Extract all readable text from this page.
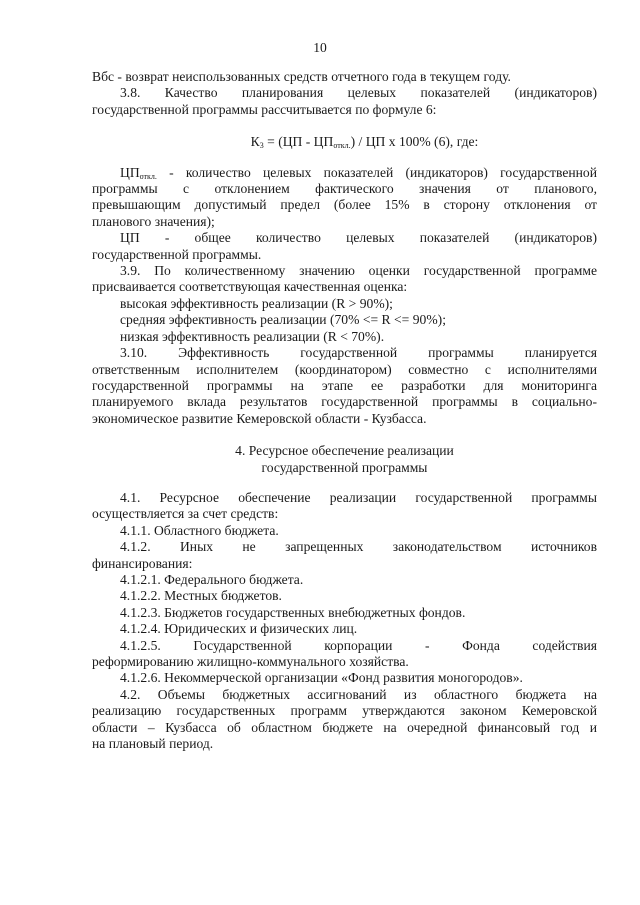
10

Вбс - возврат неиспользованных средств отчетного года в текущем году.

3.8. Качество планирования целевых показателей (индикаторов)

государственной программы рассчитывается по формуле 6:

$К_3 = (ЦП - ЦП_{откл.})$ / ЦП х 100% (6), где:

$ЦП_{откл.}$ - количество целевых показателей (индикаторов) государственной

программы с отклонением фактического значения от планового,

превышающим допустимый предел (более 15% в сторону отклонения от

планового значения);

ЦП - общее количество целевых показателей (индикаторов)

государственной программы.

3.9. По количественному значению оценки государственной программе

присваивается соответствующая качественная оценка:

высокая эффективность реализации (R > 90%);

средняя эффективность реализации (70% <= R <= 90%);

низкая эффективность реализации (R < 70%).

3.10. Эффективность государственной программы планируется

ответственным исполнителем (координатором) совместно с исполнителями

государственной программы на этапе ее разработки для мониторинга

планируемого вклада результатов государственной программы в социально-

экономическое развитие Кемеровской области - Кузбасса.

4. Ресурсное обеспечение реализации

государственной программы

4.1. Ресурсное обеспечение реализации государственной программы

осуществляется за счет средств:

4.1.1. Областного бюджета.

4.1.2. Иных не запрещенных законодательством источников

финансирования:

4.1.2.1. Федерального бюджета.

4.1.2.2. Местных бюджетов.

4.1.2.3. Бюджетов государственных внебюджетных фондов.

4.1.2.4. Юридических и физических лиц.

4.1.2.5. Государственной корпорации - Фонда содействия

реформированию жилищно-коммунального хозяйства.

4.1.2.6. Некоммерческой организации «Фонд развития моногородов».

4.2. Объемы бюджетных ассигнований из областного бюджета на

реализацию государственных программ утверждаются законом Кемеровской

области – Кузбасса об областном бюджете на очередной финансовый год и

на плановый период.
